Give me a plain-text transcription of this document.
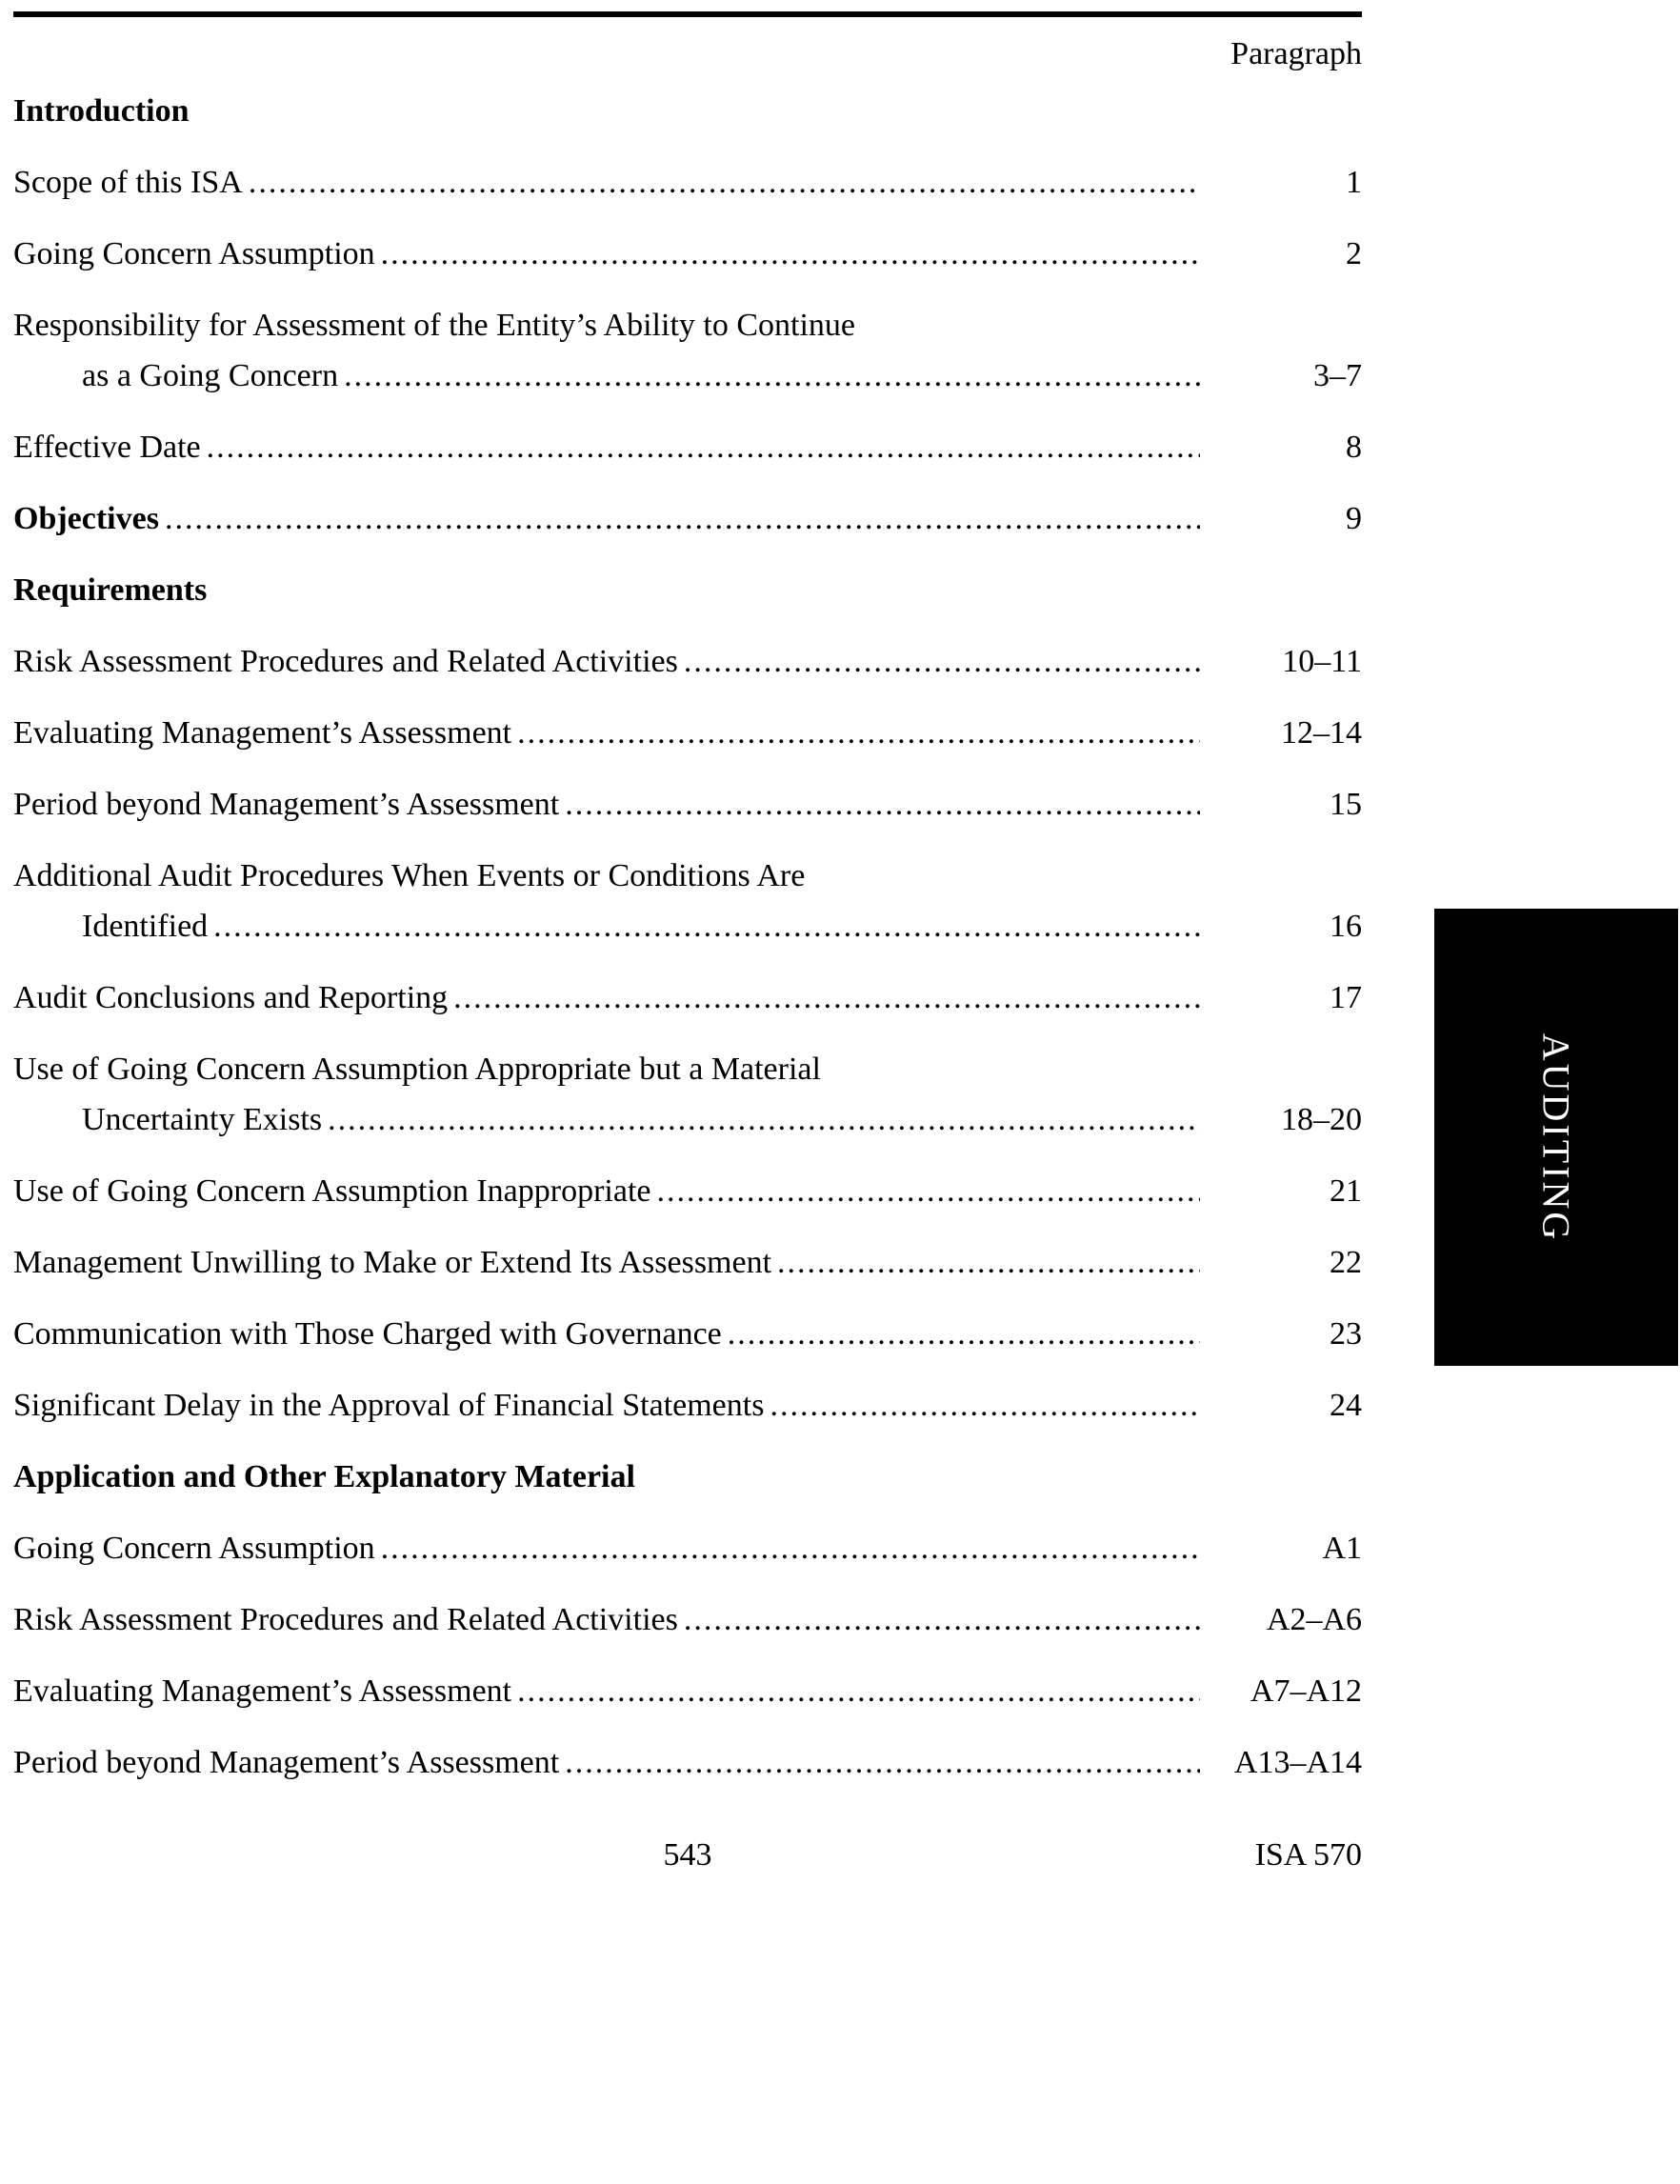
Paragraph
Introduction
Scope of this ISA .....	1
Going Concern Assumption .....	2
Responsibility for Assessment of the Entity’s Ability to Continue
as a Going Concern .....	3–7
Effective Date .....	8
Objectives .....	9
Requirements
Risk Assessment Procedures and Related Activities .....	10–11
Evaluating Management’s Assessment .....	12–14
Period beyond Management’s Assessment .....	15
Additional Audit Procedures When Events or Conditions Are
Identified .....	16
Audit Conclusions and Reporting .....	17
Use of Going Concern Assumption Appropriate but a Material
Uncertainty Exists .....	18–20
Use of Going Concern Assumption Inappropriate .....	21
Management Unwilling to Make or Extend Its Assessment .....	22
Communication with Those Charged with Governance .....	23
Significant Delay in the Approval of Financial Statements .....	24
Application and Other Explanatory Material
Going Concern Assumption .....	A1
Risk Assessment Procedures and Related Activities .....	A2–A6
Evaluating Management’s Assessment .....	A7–A12
Period beyond Management’s Assessment .....	A13–A14
AUDITING
543	ISA 570
